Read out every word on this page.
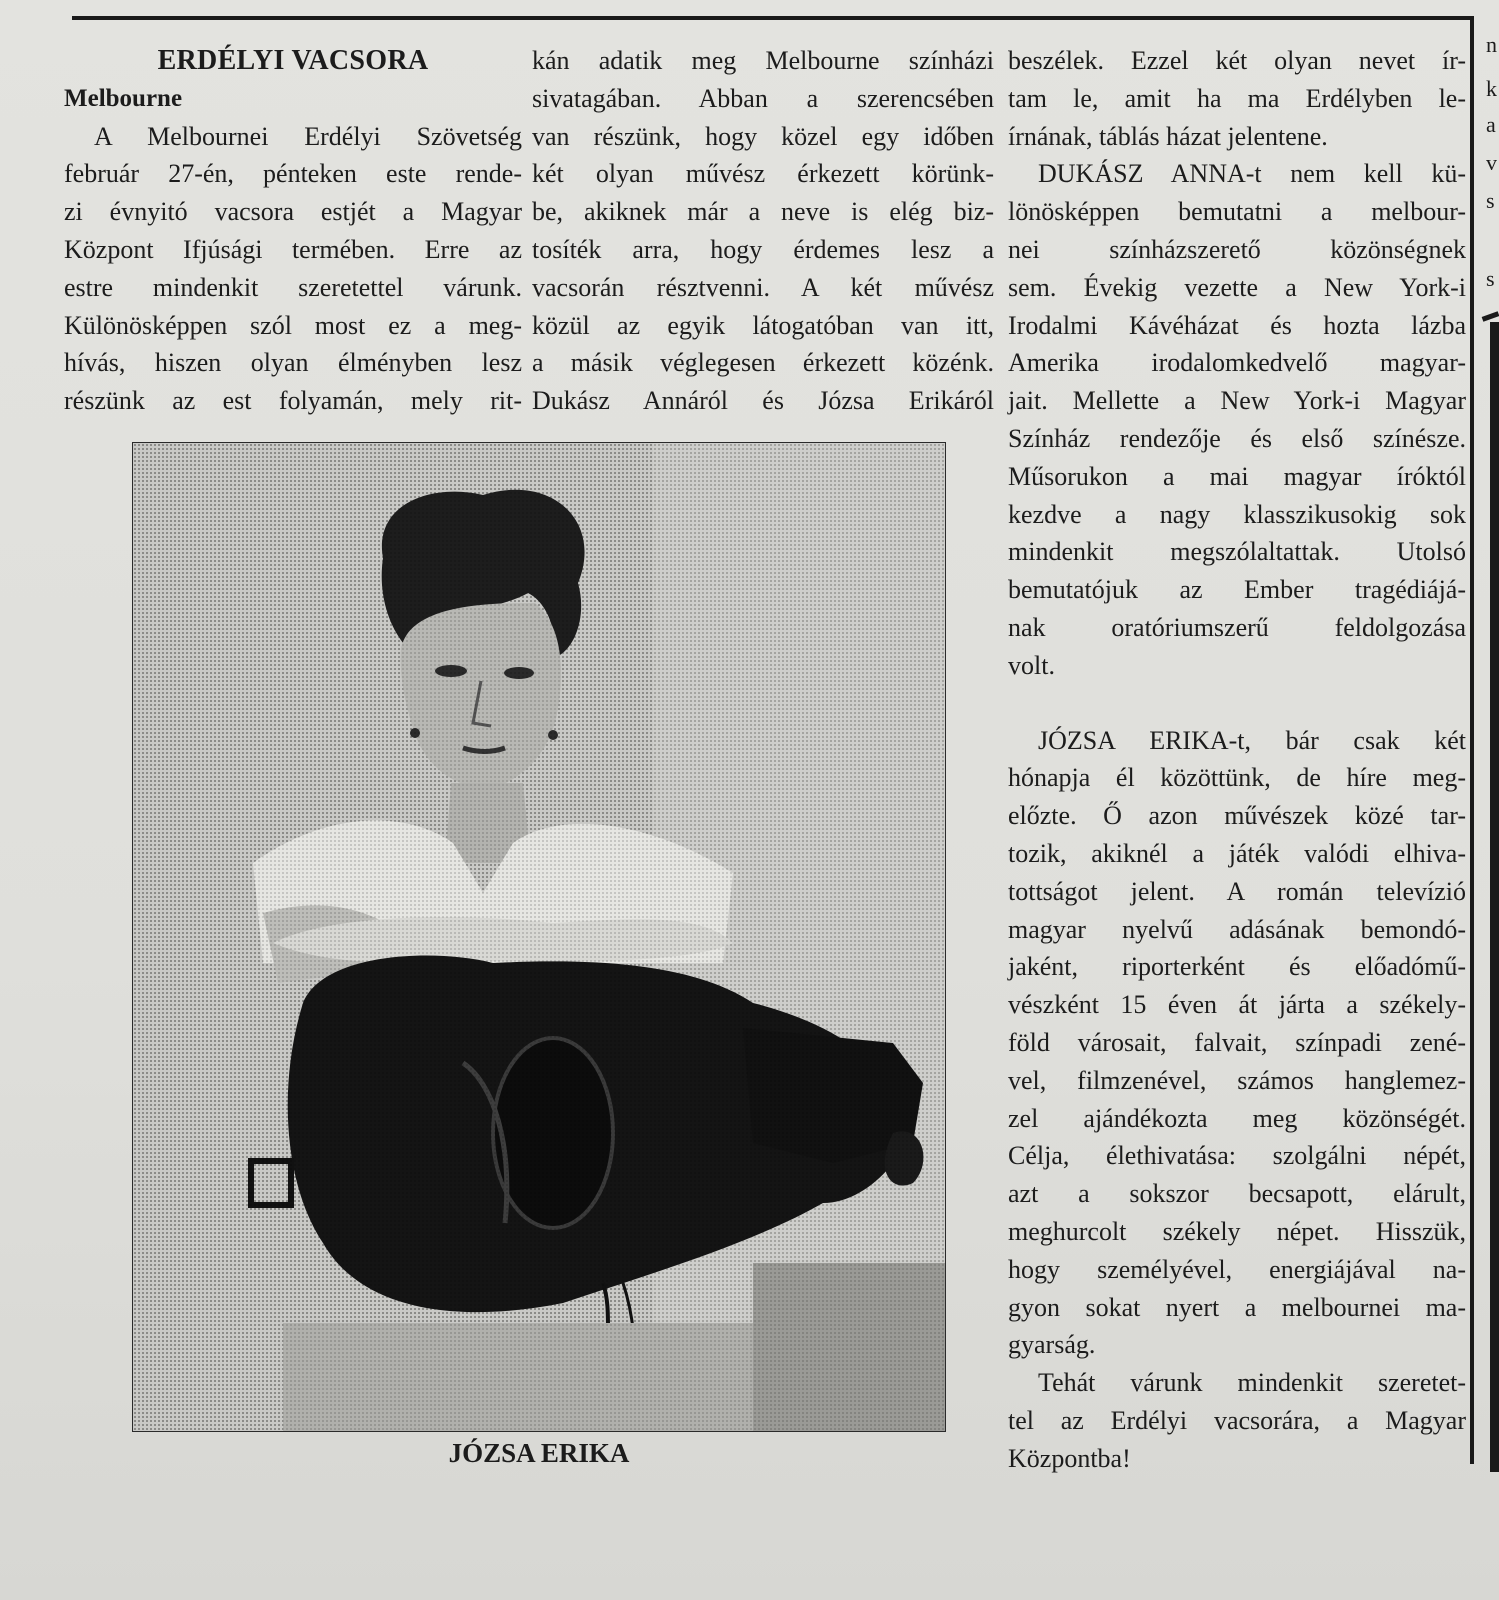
n
k
a
v
s
s

ERDÉLYI VACSORA

Melbourne

A Melbournei Erdélyi Szövetség

február 27-én, pénteken este rende-

zi évnyitó vacsora estjét a Magyar

Központ Ifjúsági termében. Erre az

estre mindenkit szeretettel várunk.

Különösképpen szól most ez a meg-

hívás, hiszen olyan élményben lesz

részünk az est folyamán, mely rit-

kán adatik meg Melbourne színházi

sivatagában. Abban a szerencsében

van részünk, hogy közel egy időben

két olyan művész érkezett körünk-

be, akiknek már a neve is elég biz-

tosíték arra, hogy érdemes lesz a

vacsorán résztvenni. A két művész

közül az egyik látogatóban van itt,

a másik véglegesen érkezett közénk.

Dukász Annáról és Józsa Erikáról

beszélek. Ezzel két olyan nevet ír-

tam le, amit ha ma Erdélyben le-

írnának, táblás házat jelentene.

DUKÁSZ ANNA-t nem kell kü-

lönösképpen bemutatni a melbour-

nei színházszerető közönségnek

sem. Évekig vezette a New York-i

Irodalmi Kávéházat és hozta lázba

Amerika irodalomkedvelő magyar-

jait. Mellette a New York-i Magyar

Színház rendezője és első színésze.

Műsorukon a mai magyar íróktól

kezdve a nagy klasszikusokig sok

mindenkit megszólaltattak. Utolsó

bemutatójuk az Ember tragédiájá-

nak oratóriumszerű feldolgozása

volt.

JÓZSA ERIKA-t, bár csak két

hónapja él közöttünk, de híre meg-

előzte. Ő azon művészek közé tar-

tozik, akiknél a játék valódi elhiva-

tottságot jelent. A román televízió

magyar nyelvű adásának bemondó-

jaként, riporterként és előadómű-

vészként 15 éven át járta a székely-

föld városait, falvait, színpadi zené-

vel, filmzenével, számos hanglemez-

zel ajándékozta meg közönségét.

Célja, élethivatása: szolgálni népét,

azt a sokszor becsapott, elárult,

meghurcolt székely népet. Hisszük,

hogy személyével, energiájával na-

gyon sokat nyert a melbournei ma-

gyarság.

Tehát várunk mindenkit szeretet-

tel az Erdélyi vacsorára, a Magyar

Központba!

JÓZSA ERIKA
